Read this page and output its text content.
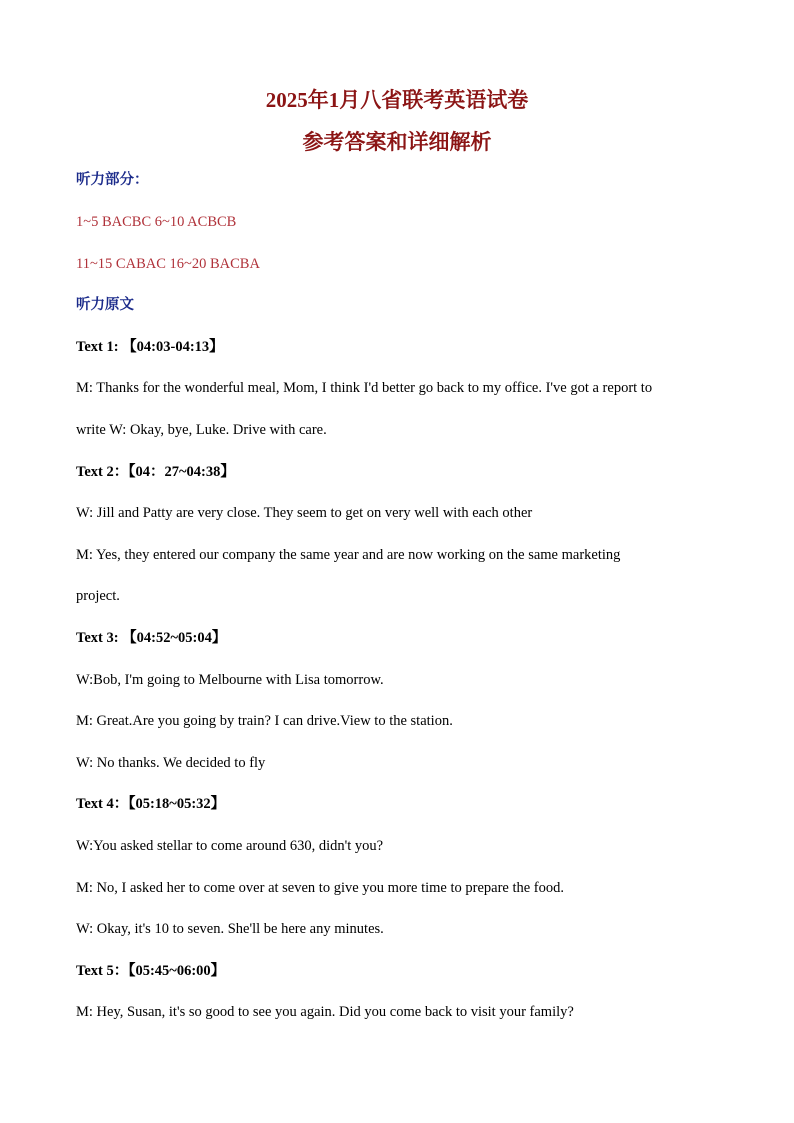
2025年1月八省联考英语试卷
参考答案和详细解析
听力部分：
1~5 BACBC 6~10 ACBCB
11~15 CABAC 16~20 BACBA
听力原文
Text 1: 【04:03-04:13】
M: Thanks for the wonderful meal, Mom, I think I'd better go back to my office. I've got a report to
write W: Okay, bye, Luke. Drive with care.
Text 2：【04：27~04:38】
W: Jill and Patty are very close. They seem to get on very well with each other
M: Yes, they entered our company the same year and are now working on the same marketing
project.
Text 3: 【04:52~05:04】
W:Bob, I'm going to Melbourne with Lisa tomorrow.
M: Great.Are you going by train? I can drive.View to the station.
W: No thanks. We decided to fly
Text 4：【05:18~05:32】
W:You asked stellar to come around 630, didn't you?
M: No, I asked her to come over at seven to give you more time to prepare the food.
W: Okay, it's 10 to seven. She'll be here any minutes.
Text 5：【05:45~06:00】
M: Hey, Susan, it's so good to see you again. Did you come back to visit your family?
